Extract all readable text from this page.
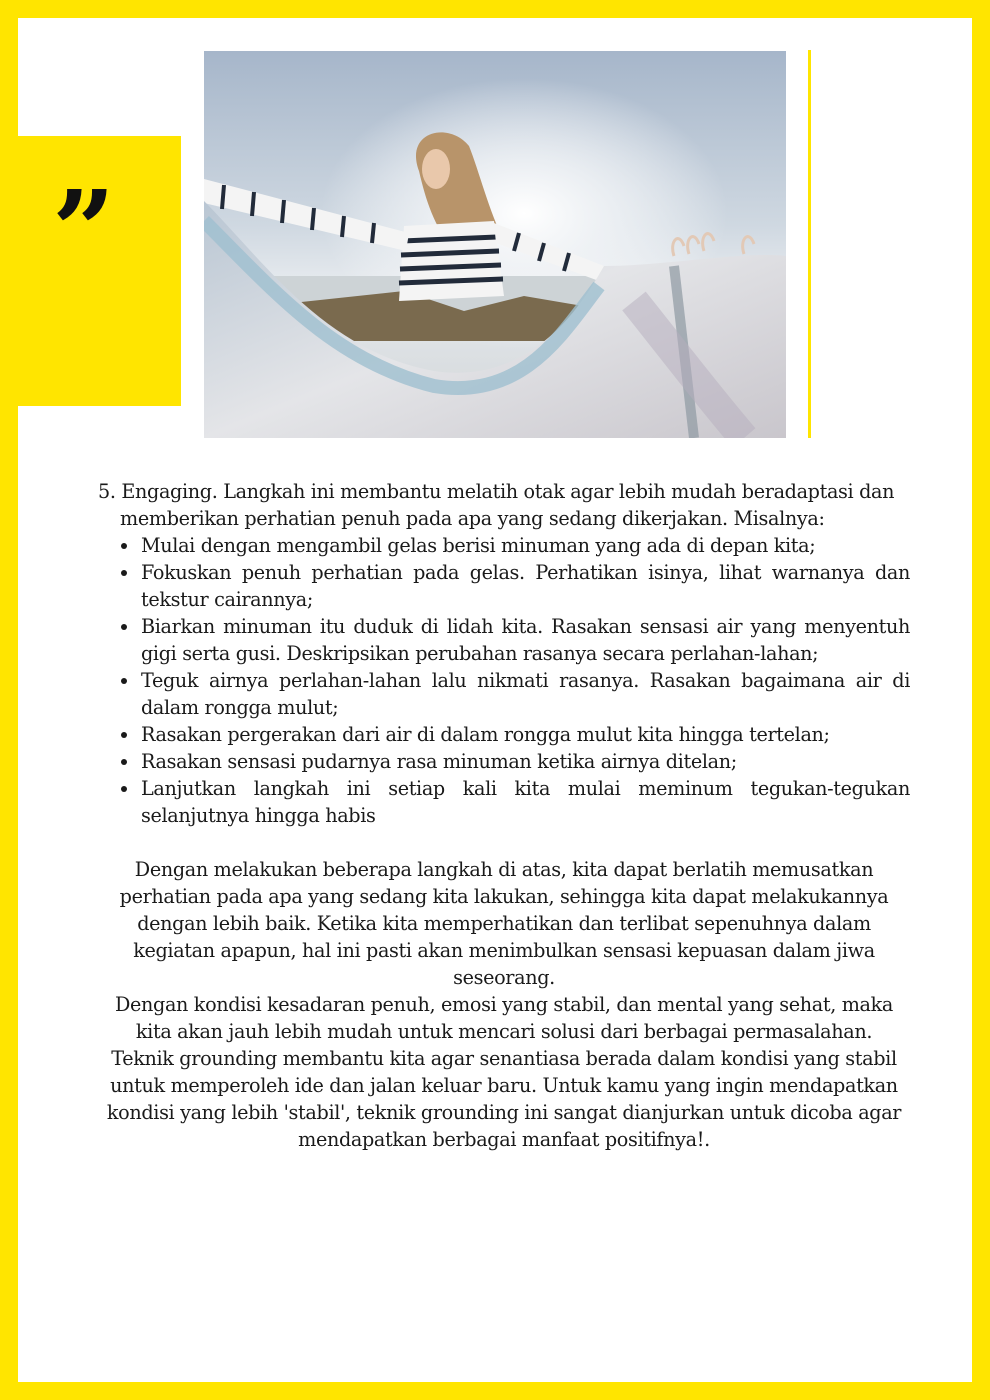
”

5. Engaging. Langkah ini membantu melatih otak agar lebih mudah beradaptasi dan memberikan perhatian penuh pada apa yang sedang dikerjakan. Misalnya:

Mulai dengan mengambil gelas berisi minuman yang ada di depan kita;
Fokuskan penuh perhatian pada gelas. Perhatikan isinya, lihat warnanya dan tekstur cairannya;
Biarkan minuman itu duduk di lidah kita. Rasakan sensasi air yang menyentuh gigi serta gusi. Deskripsikan perubahan rasanya secara perlahan-lahan;
Teguk airnya perlahan-lahan lalu nikmati rasanya. Rasakan bagaimana air di dalam rongga mulut;
Rasakan pergerakan dari air di dalam rongga mulut kita hingga tertelan;
Rasakan sensasi pudarnya rasa minuman ketika airnya ditelan;
Lanjutkan langkah ini setiap kali kita mulai meminum tegukan-tegukan selanjutnya hingga habis

Dengan melakukan beberapa langkah di atas, kita dapat berlatih memusatkan perhatian pada apa yang sedang kita lakukan, sehingga kita dapat melakukannya dengan lebih baik. Ketika kita memperhatikan dan terlibat sepenuhnya dalam kegiatan apapun, hal ini pasti akan menimbulkan sensasi kepuasan dalam jiwa seseorang.

Dengan kondisi kesadaran penuh, emosi yang stabil, dan mental yang sehat, maka kita akan jauh lebih mudah untuk mencari solusi dari berbagai permasalahan. Teknik grounding membantu kita agar senantiasa berada dalam kondisi yang stabil untuk memperoleh ide dan jalan keluar baru. Untuk kamu yang ingin mendapatkan kondisi yang lebih 'stabil', teknik grounding ini sangat dianjurkan untuk dicoba agar mendapatkan berbagai manfaat positifnya!.
